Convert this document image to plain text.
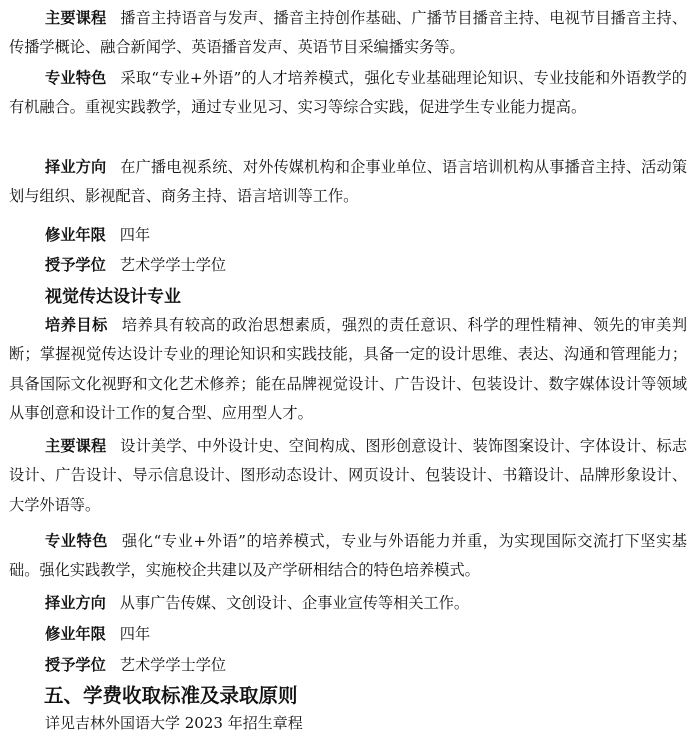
主要课程 播音主持语音与发声、播音主持创作基础、广播节目播音主持、电视节目播音主持、传播学概论、融合新闻学、英语播音发声、英语节目采编播实务等。

专业特色 采取“专业+外语”的人才培养模式，强化专业基础理论知识、专业技能和外语教学的有机融合。重视实践教学，通过专业见习、实习等综合实践，促进学生专业能力提高。

择业方向 在广播电视系统、对外传媒机构和企事业单位、语言培训机构从事播音主持、活动策划与组织、影视配音、商务主持、语言培训等工作。

修业年限 四年

授予学位 艺术学学士学位

视觉传达设计专业

培养目标 培养具有较高的政治思想素质，强烈的责任意识、科学的理性精神、领先的审美判断；掌握视觉传达设计专业的理论知识和实践技能，具备一定的设计思维、表达、沟通和管理能力；具备国际文化视野和文化艺术修养；能在品牌视觉设计、广告设计、包装设计、数字媒体设计等领域从事创意和设计工作的复合型、应用型人才。

主要课程 设计美学、中外设计史、空间构成、图形创意设计、装饰图案设计、字体设计、标志设计、广告设计、导示信息设计、图形动态设计、网页设计、包装设计、书籍设计、品牌形象设计、大学外语等。

专业特色 强化“专业+外语”的培养模式，专业与外语能力并重，为实现国际交流打下坚实基础。强化实践教学，实施校企共建以及产学研相结合的特色培养模式。

择业方向 从事广告传媒、文创设计、企事业宣传等相关工作。

修业年限 四年

授予学位 艺术学学士学位

五、学费收取标准及录取原则

详见吉林外国语大学 2023 年招生章程
